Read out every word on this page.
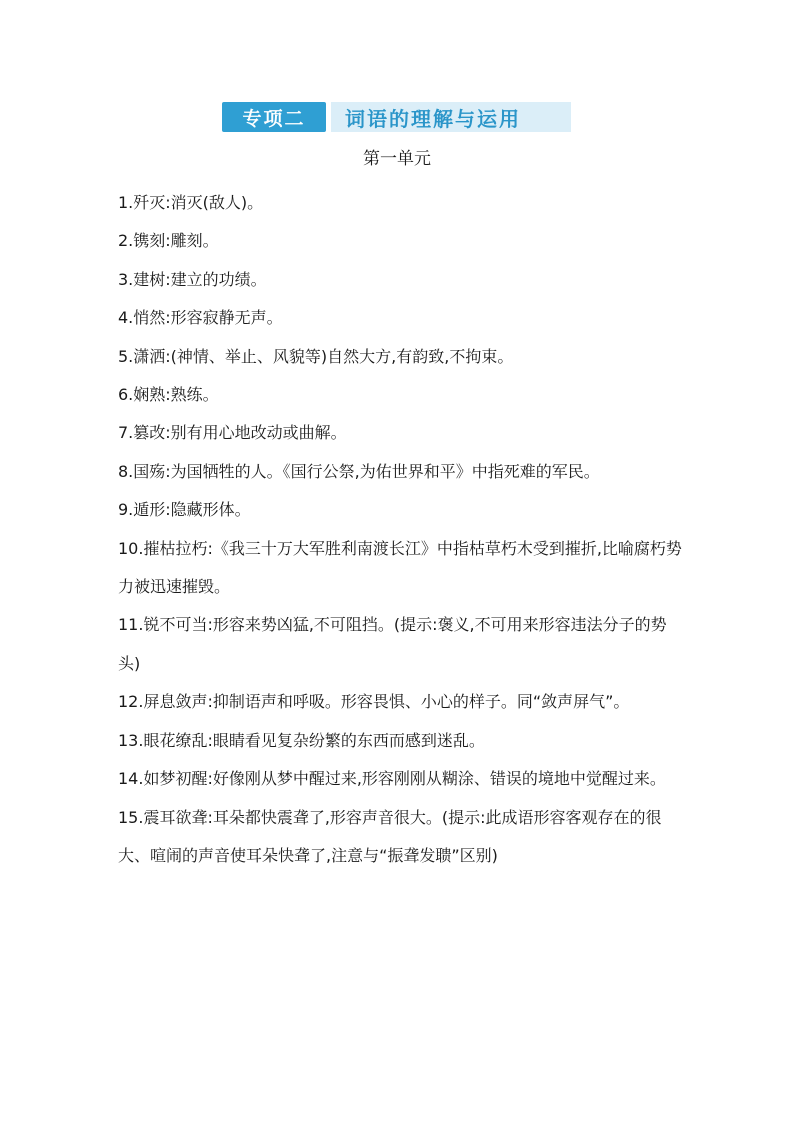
专项二	词语的理解与运用
第一单元
1.歼灭:消灭(敌人)。
2.镌刻:雕刻。
3.建树:建立的功绩。
4.悄然:形容寂静无声。
5.潇洒:(神情、举止、风貌等)自然大方,有韵致,不拘束。
6.娴熟:熟练。
7.篡改:别有用心地改动或曲解。
8.国殇:为国牺牲的人。《国行公祭,为佑世界和平》中指死难的军民。
9.遁形:隐藏形体。
10.摧枯拉朽:《我三十万大军胜利南渡长江》中指枯草朽木受到摧折,比喻腐朽势力被迅速摧毁。
11.锐不可当:形容来势凶猛,不可阻挡。(提示:褒义,不可用来形容违法分子的势头)
12.屏息敛声:抑制语声和呼吸。形容畏惧、小心的样子。同“敛声屏气”。
13.眼花缭乱:眼睛看见复杂纷繁的东西而感到迷乱。
14.如梦初醒:好像刚从梦中醒过来,形容刚刚从糊涂、错误的境地中觉醒过来。
15.震耳欲聋:耳朵都快震聋了,形容声音很大。(提示:此成语形容客观存在的很大、喧闹的声音使耳朵快聋了,注意与“振聋发聩”区别)
